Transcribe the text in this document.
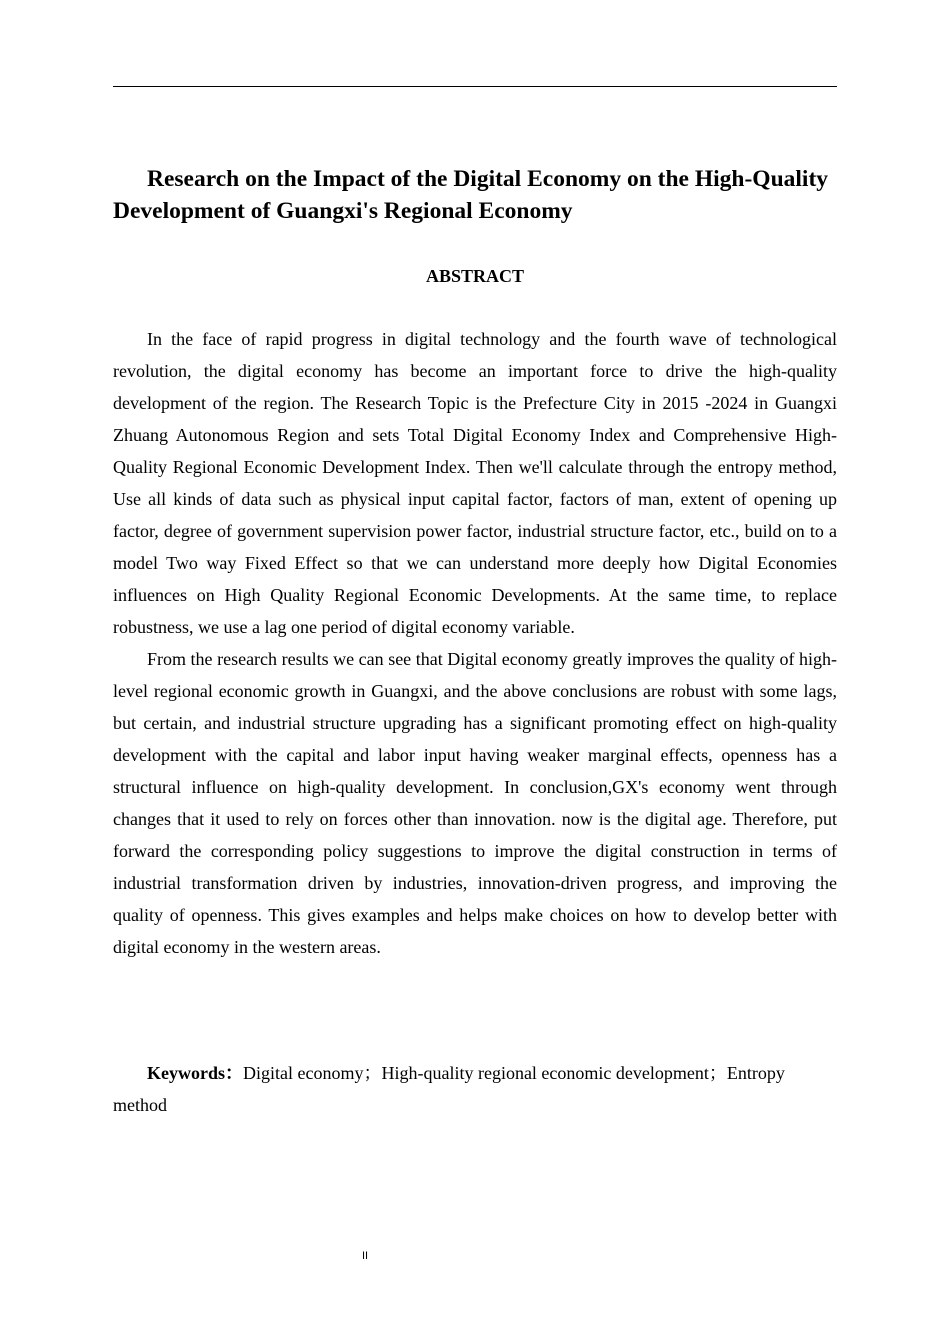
Research on the Impact of the Digital Economy on the High-Quality Development of Guangxi's Regional Economy
ABSTRACT

In the face of rapid progress in digital technology and the fourth wave of technological revolution, the digital economy has become an important force to drive the high-quality development of the region. The Research Topic is the Prefecture City in 2015 -2024 in Guangxi Zhuang Autonomous Region and sets Total Digital Economy Index and Comprehensive High-Quality Regional Economic Development Index. Then we'll calculate through the entropy method, Use all kinds of data such as physical input capital factor, factors of man, extent of opening up factor, degree of government supervision power factor, industrial structure factor, etc., build on to a model Two way Fixed Effect so that we can understand more deeply how Digital Economies influences on High Quality Regional Economic Developments. At the same time, to replace robustness, we use a lag one period of digital economy variable.

From the research results we can see that Digital economy greatly improves the quality of high-level regional economic growth in Guangxi, and the above conclusions are robust with some lags, but certain, and industrial structure upgrading has a significant promoting effect on high-quality development with the capital and labor input having weaker marginal effects, openness has a structural influence on high-quality development. In conclusion,GX's economy went through changes that it used to rely on forces other than innovation. now is the digital age. Therefore, put forward the corresponding policy suggestions to improve the digital construction in terms of industrial transformation driven by industries, innovation-driven progress, and improving the quality of openness. This gives examples and helps make choices on how to develop better with digital economy in the western areas.

Keywords：Digital economy；High-quality regional economic development；Entropy method

II
